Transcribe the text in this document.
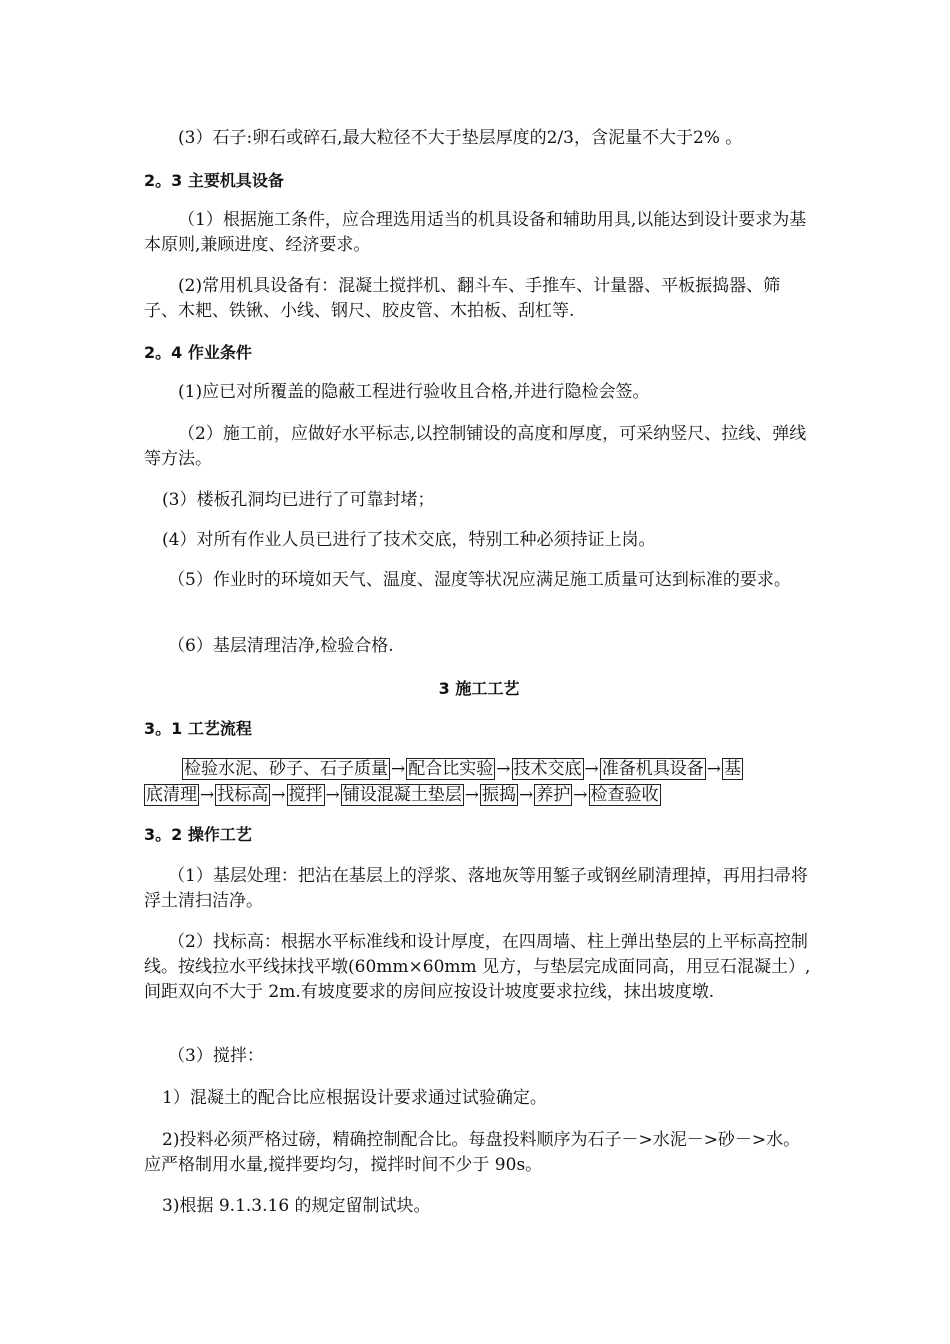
(3）石子:卵石或碎石,最大粒径不大于垫层厚度的2/3，含泥量不大于2% 。
2。3 主要机具设备
（1）根据施工条件，应合理选用适当的机具设备和辅助用具,以能达到设计要求为基本原则,兼顾进度、经济要求。
(2)常用机具设备有：混凝土搅拌机、翻斗车、手推车、计量器、平板振捣器、筛子、木耙、铁锹、小线、钢尺、胶皮管、木拍板、刮杠等.
2。4 作业条件
(1)应已对所覆盖的隐蔽工程进行验收且合格,并进行隐检会签。
（2）施工前，应做好水平标志,以控制铺设的高度和厚度，可采纳竖尺、拉线、弹线等方法。
(3）楼板孔洞均已进行了可靠封堵；
(4）对所有作业人员已进行了技术交底，特别工种必须持证上岗。
（5）作业时的环境如天气、温度、湿度等状况应满足施工质量可达到标准的要求。
（6）基层清理洁净,检验合格.
3 施工工艺
3。1 工艺流程
检验水泥、砂子、石子质量 → 配合比实验 → 技术交底 → 准备机具设备 → 基
底清理 → 找标高 → 搅拌 → 铺设混凝土垫层 → 振捣 → 养护 → 检查验收
3。2 操作工艺
（1）基层处理：把沾在基层上的浮浆、落地灰等用錾子或钢丝刷清理掉，再用扫帚将浮土清扫洁净。
（2）找标高：根据水平标准线和设计厚度，在四周墙、柱上弹出垫层的上平标高控制线。按线拉水平线抹找平墩(60mm×60mm 见方，与垫层完成面同高，用豆石混凝土）,间距双向不大于 2m.有坡度要求的房间应按设计坡度要求拉线，抹出坡度墩.
（3）搅拌：
1）混凝土的配合比应根据设计要求通过试验确定。
2)投料必须严格过磅，精确控制配合比。每盘投料顺序为石子－>水泥－>砂－>水。应严格制用水量,搅拌要均匀，搅拌时间不少于 90s。
3)根据 9.1.3.16 的规定留制试块。
